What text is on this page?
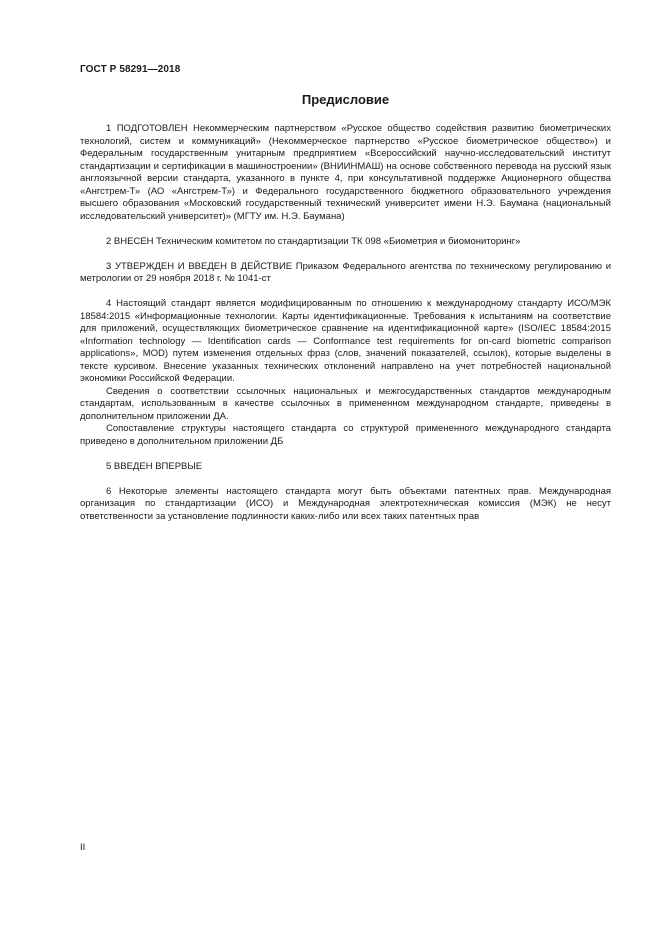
ГОСТ Р 58291—2018
Предисловие

1 ПОДГОТОВЛЕН Некоммерческим партнерством «Русское общество содействия развитию биометрических технологий, систем и коммуникаций» (Некоммерческое партнерство «Русское биометрическое общество») и Федеральным государственным унитарным предприятием «Всероссийский научно-исследовательский институт стандартизации и сертификации в машиностроении» (ВНИИНМАШ) на основе собственного перевода на русский язык англоязычной версии стандарта, указанного в пункте 4, при консультативной поддержке Акционерного общества «Ангстрем-Т» (АО «Ангстрем-Т») и Федерального государственного бюджетного образовательного учреждения высшего образования «Московский государственный технический университет имени Н.Э. Баумана (национальный исследовательский университет)» (МГТУ им. Н.Э. Баумана)

2 ВНЕСЕН Техническим комитетом по стандартизации ТК 098 «Биометрия и биомониторинг»

3 УТВЕРЖДЕН И ВВЕДЕН В ДЕЙСТВИЕ Приказом Федерального агентства по техническому регулированию и метрологии от 29 ноября 2018 г. № 1041-ст

4 Настоящий стандарт является модифицированным по отношению к международному стандарту ИСО/МЭК 18584:2015 «Информационные технологии. Карты идентификационные. Требования к испытаниям на соответствие для приложений, осуществляющих биометрическое сравнение на идентификационной карте» (ISO/IEC 18584:2015 «Information technology — Identification cards — Conformance test requirements for on-card biometric comparison applications», MOD) путем изменения отдельных фраз (слов, значений показателей, ссылок), которые выделены в тексте курсивом. Внесение указанных технических отклонений направлено на учет потребностей национальной экономики Российской Федерации.

Сведения о соответствии ссылочных национальных и межгосударственных стандартов международным стандартам, использованным в качестве ссылочных в примененном международном стандарте, приведены в дополнительном приложении ДА.

Сопоставление структуры настоящего стандарта со структурой примененного международного стандарта приведено в дополнительном приложении ДБ

5 ВВЕДЕН ВПЕРВЫЕ

6 Некоторые элементы настоящего стандарта могут быть объектами патентных прав. Международная организация по стандартизации (ИСО) и Международная электротехническая комиссия (МЭК) не несут ответственности за установление подлинности каких-либо или всех таких патентных прав

II
